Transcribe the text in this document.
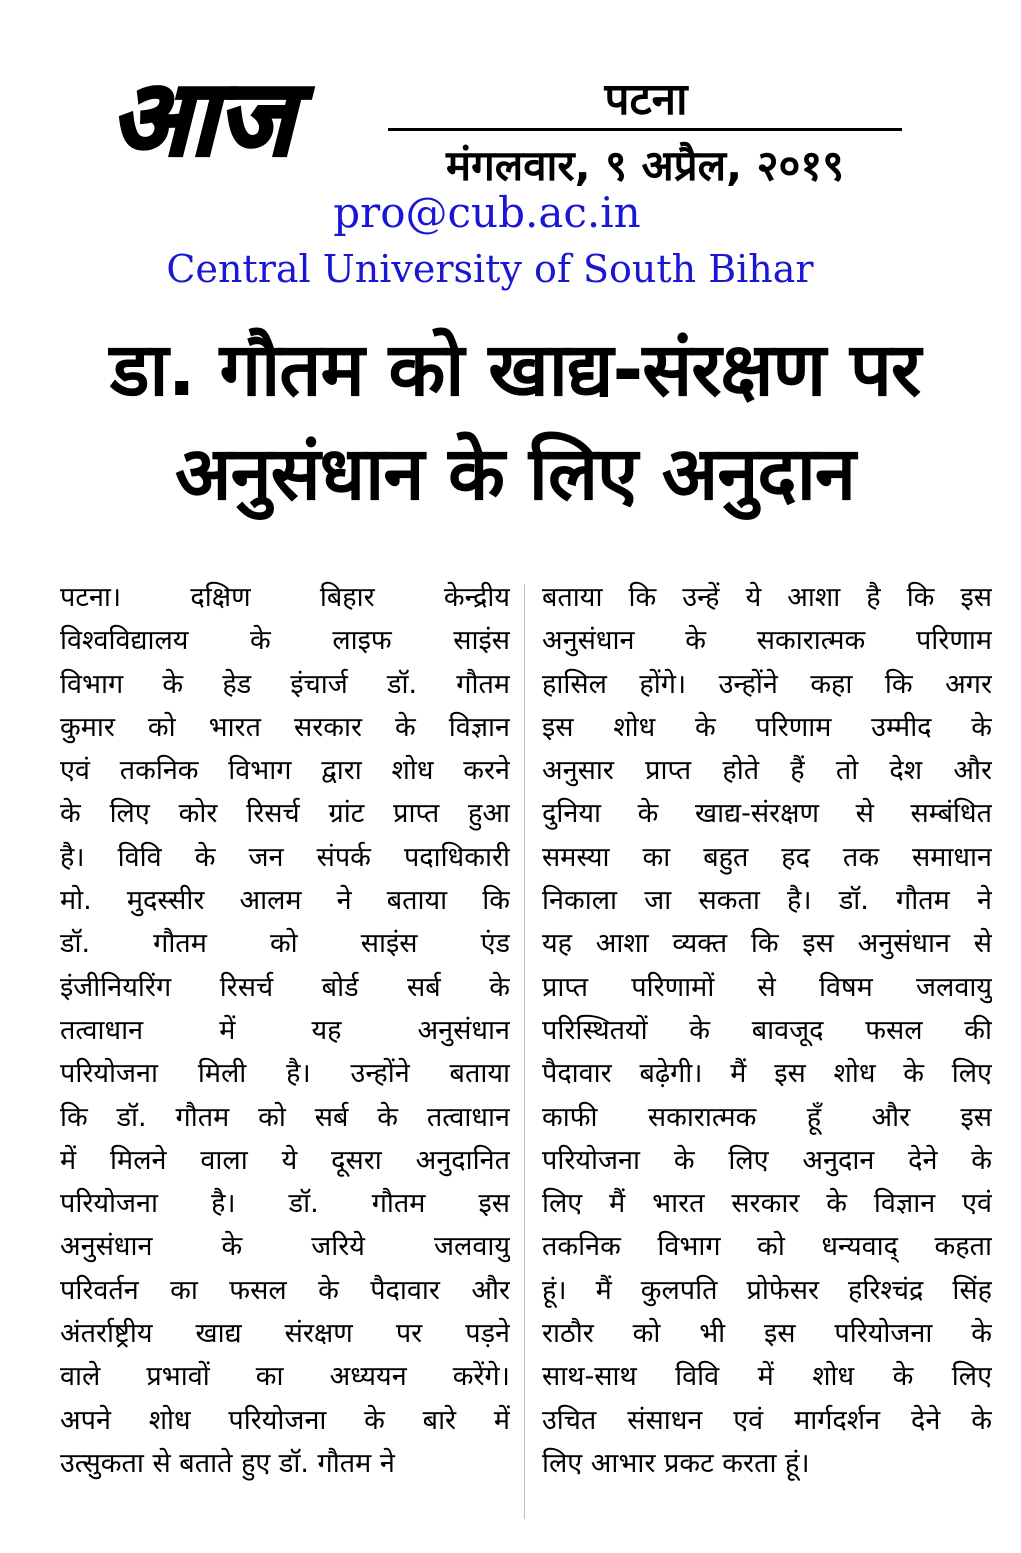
आज	पटना
मंगलवार, ९ अप्रैल, २०१९
pro@cub.ac.in
Central University of South Bihar
डा. गौतम को खाद्य-संरक्षण पर
अनुसंधान के लिए अनुदान
पटना। दक्षिण बिहार केन्द्रीय
विश्वविद्यालय के लाइफ साइंस
विभाग के हेड इंचार्ज डॉ. गौतम
कुमार को भारत सरकार के विज्ञान
एवं तकनिक विभाग द्वारा शोध करने
के लिए कोर रिसर्च ग्रांट प्राप्त हुआ
है। विवि के जन संपर्क पदाधिकारी
मो. मुदस्सीर आलम ने बताया कि
डॉ. गौतम को साइंस एंड
इंजीनियरिंग रिसर्च बोर्ड सर्ब के
तत्वाधान में यह अनुसंधान
परियोजना मिली है। उन्होंने बताया
कि डॉ. गौतम को सर्ब के तत्वाधान
में मिलने वाला ये दूसरा अनुदानित
परियोजना है। डॉ. गौतम इस
अनुसंधान के जरिये जलवायु
परिवर्तन का फसल के पैदावार और
अंतर्राष्ट्रीय खाद्य संरक्षण पर पड़ने
वाले प्रभावों का अध्ययन करेंगे।
अपने शोध परियोजना के बारे में
उत्सुकता से बताते हुए डॉ. गौतम ने
बताया कि उन्हें ये आशा है कि इस
अनुसंधान के सकारात्मक परिणाम
हासिल होंगे। उन्होंने कहा कि अगर
इस शोध के परिणाम उम्मीद के
अनुसार प्राप्त होते हैं तो देश और
दुनिया के खाद्य-संरक्षण से सम्बंधित
समस्या का बहुत हद तक समाधान
निकाला जा सकता है। डॉ. गौतम ने
यह आशा व्यक्त कि इस अनुसंधान से
प्राप्त परिणामों से विषम जलवायु
परिस्थितयों के बावजूद फसल की
पैदावार बढ़ेगी। मैं इस शोध के लिए
काफी सकारात्मक हूँ और इस
परियोजना के लिए अनुदान देने के
लिए मैं भारत सरकार के विज्ञान एवं
तकनिक विभाग को धन्यवाद् कहता
हूं। मैं कुलपति प्रोफेसर हरिश्चंद्र सिंह
राठौर को भी इस परियोजना के
साथ-साथ विवि में शोध के लिए
उचित संसाधन एवं मार्गदर्शन देने के
लिए आभार प्रकट करता हूं।
